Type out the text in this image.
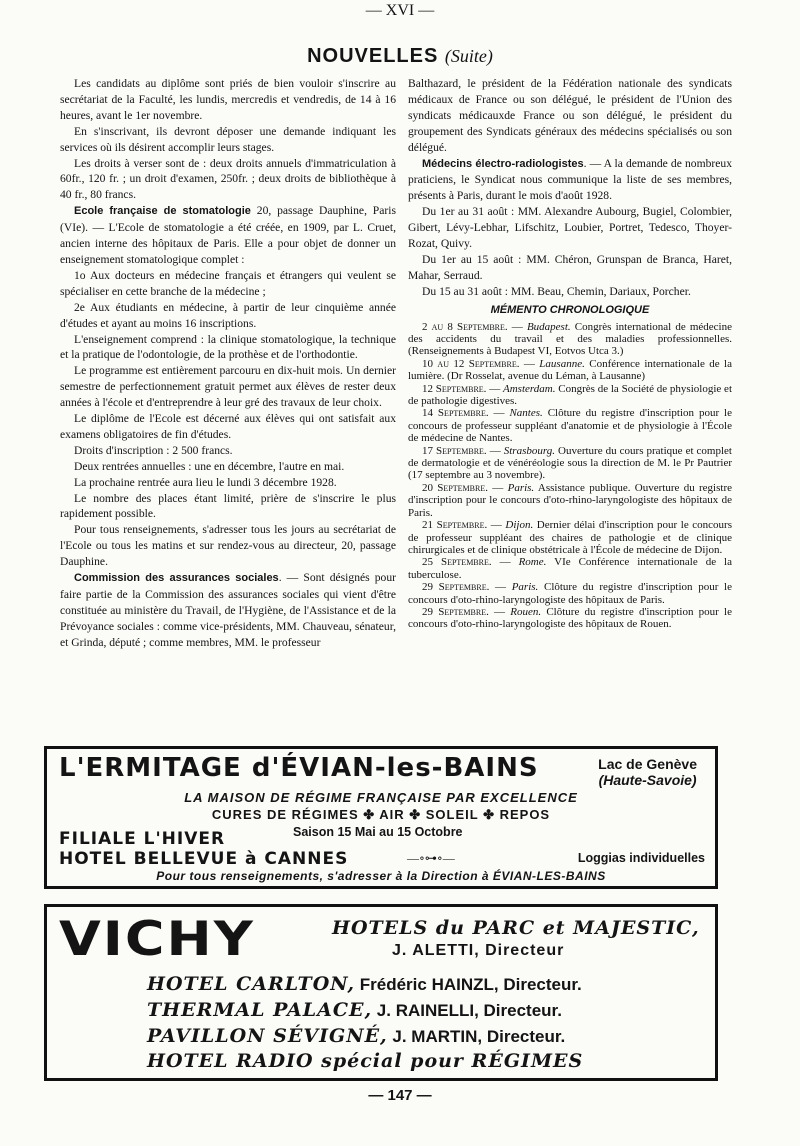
— XVI —
NOUVELLES (Suite)

Les candidats au diplôme sont priés de bien vouloir s'inscrire au secrétariat de la Faculté, les lundis, mercredis et vendredis, de 14 à 16 heures, avant le 1er novembre.

En s'inscrivant, ils devront déposer une demande indiquant les services où ils désirent accomplir leurs stages.

Les droits à verser sont de : deux droits annuels d'immatriculation à 60fr., 120 fr. ; un droit d'examen, 250fr. ; deux droits de bibliothèque à 40 fr., 80 francs.

Ecole française de stomatologie 20, passage Dauphine, Paris (VIe). — L'Ecole de stomatologie a été créée, en 1909, par L. Cruet, ancien interne des hôpitaux de Paris. Elle a pour objet de donner un enseignement stomatologique complet :

1o Aux docteurs en médecine français et étrangers qui veulent se spécialiser en cette branche de la médecine ;

2e Aux étudiants en médecine, à partir de leur cinquième année d'études et ayant au moins 16 inscriptions.

L'enseignement comprend : la clinique stomatologique, la technique et la pratique de l'odontologie, de la prothèse et de l'orthodontie.

Le programme est entièrement parcouru en dix-huit mois. Un dernier semestre de perfectionnement gratuit permet aux élèves de rester deux années à l'école et d'entreprendre à leur gré des travaux de leur choix.

Le diplôme de l'Ecole est décerné aux élèves qui ont satisfait aux examens obligatoires de fin d'études.

Droits d'inscription : 2 500 francs.

Deux rentrées annuelles : une en décembre, l'autre en mai.

La prochaine rentrée aura lieu le lundi 3 décembre 1928.

Le nombre des places étant limité, prière de s'inscrire le plus rapidement possible.

Pour tous renseignements, s'adresser tous les jours au secrétariat de l'Ecole ou tous les matins et sur rendez-vous au directeur, 20, passage Dauphine.

Commission des assurances sociales. — Sont désignés pour faire partie de la Commission des assurances sociales qui vient d'être constituée au ministère du Travail, de l'Hygiène, de l'Assistance et de la Prévoyance sociales : comme vice-présidents, MM. Chauveau, sénateur, et Grinda, député ; comme membres, MM. le professeur

Balthazard, le président de la Fédération nationale des syndicats médicaux de France ou son délégué, le président de l'Union des syndicats médicauxde France ou son délégué, le président du groupement des Syndicats généraux des médecins spécialisés ou son délégué.

Médecins électro-radiologistes. — A la demande de nombreux praticiens, le Syndicat nous communique la liste de ses membres, présents à Paris, durant le mois d'août 1928.

Du 1er au 31 août : MM. Alexandre Aubourg, Bugiel, Colombier, Gibert, Lévy-Lebhar, Lifschitz, Loubier, Portret, Tedesco, Thoyer-Rozat, Quivy.

Du 1er au 15 août : MM. Chéron, Grunspan de Branca, Haret, Mahar, Serraud.

Du 15 au 31 août : MM. Beau, Chemin, Dariaux, Porcher.

MÉMENTO CHRONOLOGIQUE

2 au 8 Septembre. — Budapest. Congrès international de médecine des accidents du travail et des maladies professionnelles. (Renseignements à Budapest VI, Eotvos Utca 3.)

10 au 12 Septembre. — Lausanne. Conférence internationale de la lumière. (Dr Rosselat, avenue du Léman, à Lausanne)

12 Septembre. — Amsterdam. Congrès de la Société de physiologie et de pathologie digestives.

14 Septembre. — Nantes. Clôture du registre d'inscription pour le concours de professeur suppléant d'anatomie et de physiologie à l'École de médecine de Nantes.

17 Septembre. — Strasbourg. Ouverture du cours pratique et complet de dermatologie et de vénéréologie sous la direction de M. le Pr Pautrier (17 septembre au 3 novembre).

20 Septembre. — Paris. Assistance publique. Ouverture du registre d'inscription pour le concours d'oto-rhino-laryngologiste des hôpitaux de Paris.

21 Septembre. — Dijon. Dernier délai d'inscription pour le concours de professeur suppléant des chaires de pathologie et de clinique chirurgicales et de clinique obstétricale à l'École de médecine de Dijon.

25 Septembre. — Rome. VIe Conférence internationale de la tuberculose.

29 Septembre. — Paris. Clôture du registre d'inscription pour le concours d'oto-rhino-laryngologiste des hôpitaux de Paris.

29 Septembre. — Rouen. Clôture du registre d'inscription pour le concours d'oto-rhino-laryngologiste des hôpitaux de Rouen.

L'ERMITAGE d'ÉVIAN-les-BAINS	Lac de Genève
(Haute-Savoie)
LA MAISON DE RÉGIME FRANÇAISE PAR EXCELLENCE
CURES DE RÉGIMES ✤ AIR ✤ SOLEIL ✤ REPOS
FILIALE L'HIVER	Saison 15 Mai au 15 Octobre
HOTEL BELLEVUE à CANNES	—∘⊶∘—	Loggias individuelles
Pour tous renseignements, s'adresser à la Direction à ÉVIAN-LES-BAINS
VICHY	HOTELS du PARC et MAJESTIC,
J. ALETTI, Directeur
HOTEL CARLTON, Frédéric HAINZL, Directeur.
THERMAL PALACE, J. RAINELLI, Directeur.
PAVILLON SÉVIGNÉ, J. MARTIN, Directeur.
HOTEL RADIO spécial pour RÉGIMES
— 147 —
